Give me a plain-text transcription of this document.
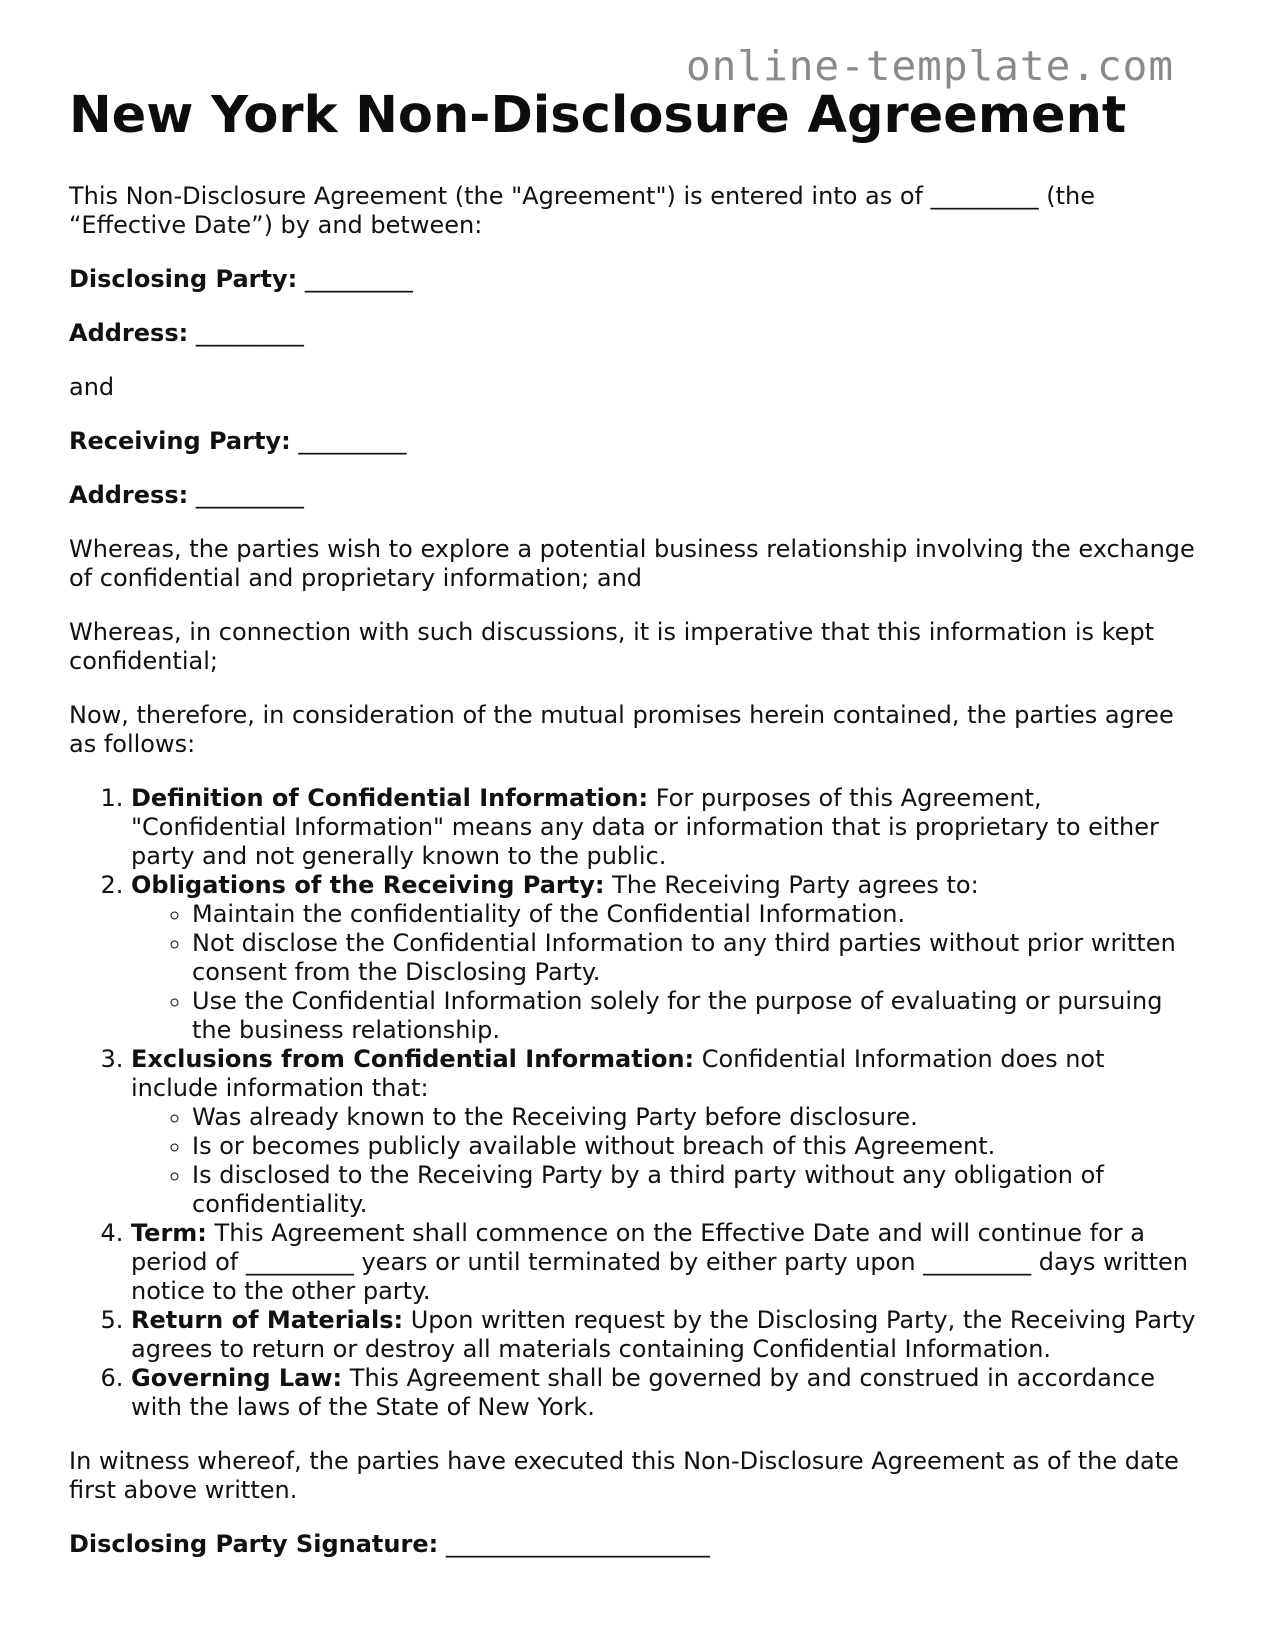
online-template.com
New York Non-Disclosure Agreement

This Non-Disclosure Agreement (the "Agreement") is entered into as of _________ (the “Effective Date”) by and between:

Disclosing Party: _________

Address: _________

and

Receiving Party: _________

Address: _________

Whereas, the parties wish to explore a potential business relationship involving the exchange of confidential and proprietary information; and

Whereas, in connection with such discussions, it is imperative that this information is kept confidential;

Now, therefore, in consideration of the mutual promises herein contained, the parties agree as follows:

1. Definition of Confidential Information: For purposes of this Agreement, "Confidential Information" means any data or information that is proprietary to either party and not generally known to the public.
2. Obligations of the Receiving Party: The Receiving Party agrees to:
◦ Maintain the confidentiality of the Confidential Information.
◦ Not disclose the Confidential Information to any third parties without prior written consent from the Disclosing Party.
◦ Use the Confidential Information solely for the purpose of evaluating or pursuing the business relationship.
3. Exclusions from Confidential Information: Confidential Information does not include information that:
◦ Was already known to the Receiving Party before disclosure.
◦ Is or becomes publicly available without breach of this Agreement.
◦ Is disclosed to the Receiving Party by a third party without any obligation of confidentiality.
4. Term: This Agreement shall commence on the Effective Date and will continue for a period of _________ years or until terminated by either party upon _________ days written notice to the other party.
5. Return of Materials: Upon written request by the Disclosing Party, the Receiving Party agrees to return or destroy all materials containing Confidential Information.
6. Governing Law: This Agreement shall be governed by and construed in accordance with the laws of the State of New York.

In witness whereof, the parties have executed this Non-Disclosure Agreement as of the date first above written.

Disclosing Party Signature: ______________________
